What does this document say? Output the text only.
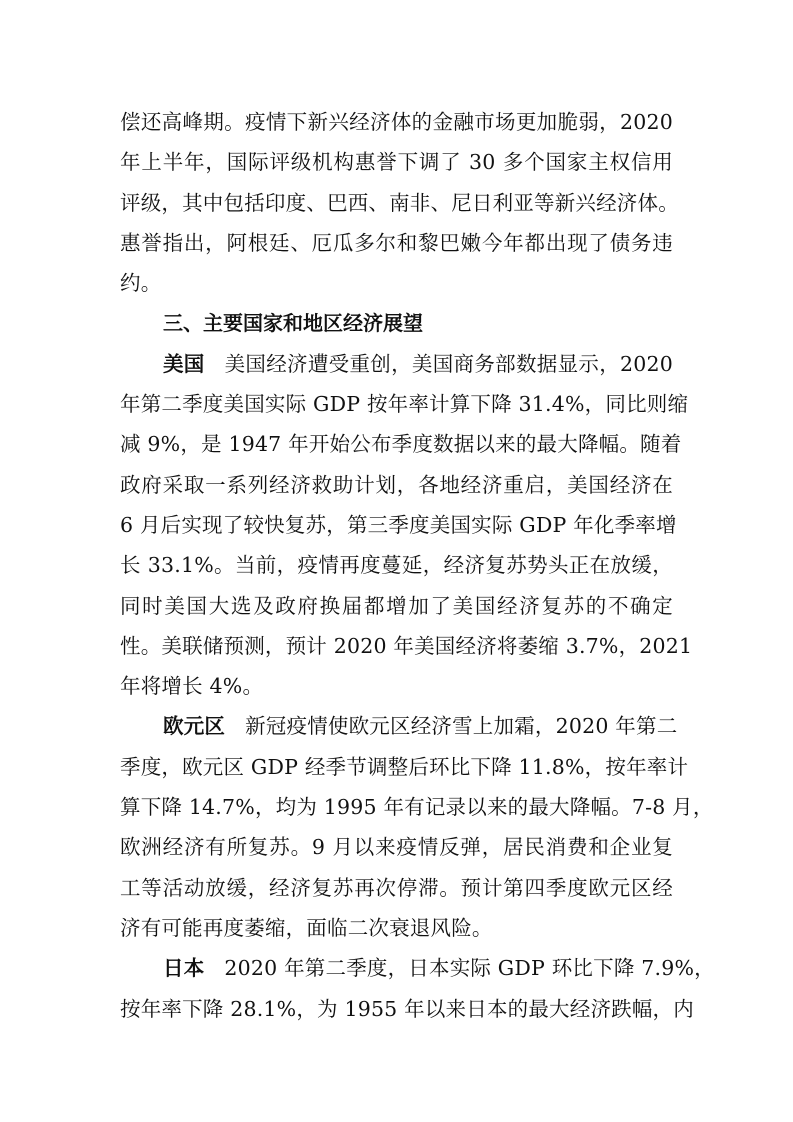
偿还高峰期。疫情下新兴经济体的金融市场更加脆弱，2020
年上半年，国际评级机构惠誉下调了 30 多个国家主权信用
评级，其中包括印度、巴西、南非、尼日利亚等新兴经济体。
惠誉指出，阿根廷、厄瓜多尔和黎巴嫩今年都出现了债务违
约。
三、主要国家和地区经济展望
美国 美国经济遭受重创，美国商务部数据显示，2020
年第二季度美国实际 GDP 按年率计算下降 31.4%，同比则缩
减 9%，是 1947 年开始公布季度数据以来的最大降幅。随着
政府采取一系列经济救助计划，各地经济重启，美国经济在
6 月后实现了较快复苏，第三季度美国实际 GDP 年化季率增
长 33.1%。当前，疫情再度蔓延，经济复苏势头正在放缓，
同时美国大选及政府换届都增加了美国经济复苏的不确定
性。美联储预测，预计 2020 年美国经济将萎缩 3.7%，2021
年将增长 4%。
欧元区 新冠疫情使欧元区经济雪上加霜，2020 年第二
季度，欧元区 GDP 经季节调整后环比下降 11.8%，按年率计
算下降 14.7%，均为 1995 年有记录以来的最大降幅。7-8 月，
欧洲经济有所复苏。9 月以来疫情反弹，居民消费和企业复
工等活动放缓，经济复苏再次停滞。预计第四季度欧元区经
济有可能再度萎缩，面临二次衰退风险。
日本 2020 年第二季度，日本实际 GDP 环比下降 7.9%，
按年率下降 28.1%，为 1955 年以来日本的最大经济跌幅，内
